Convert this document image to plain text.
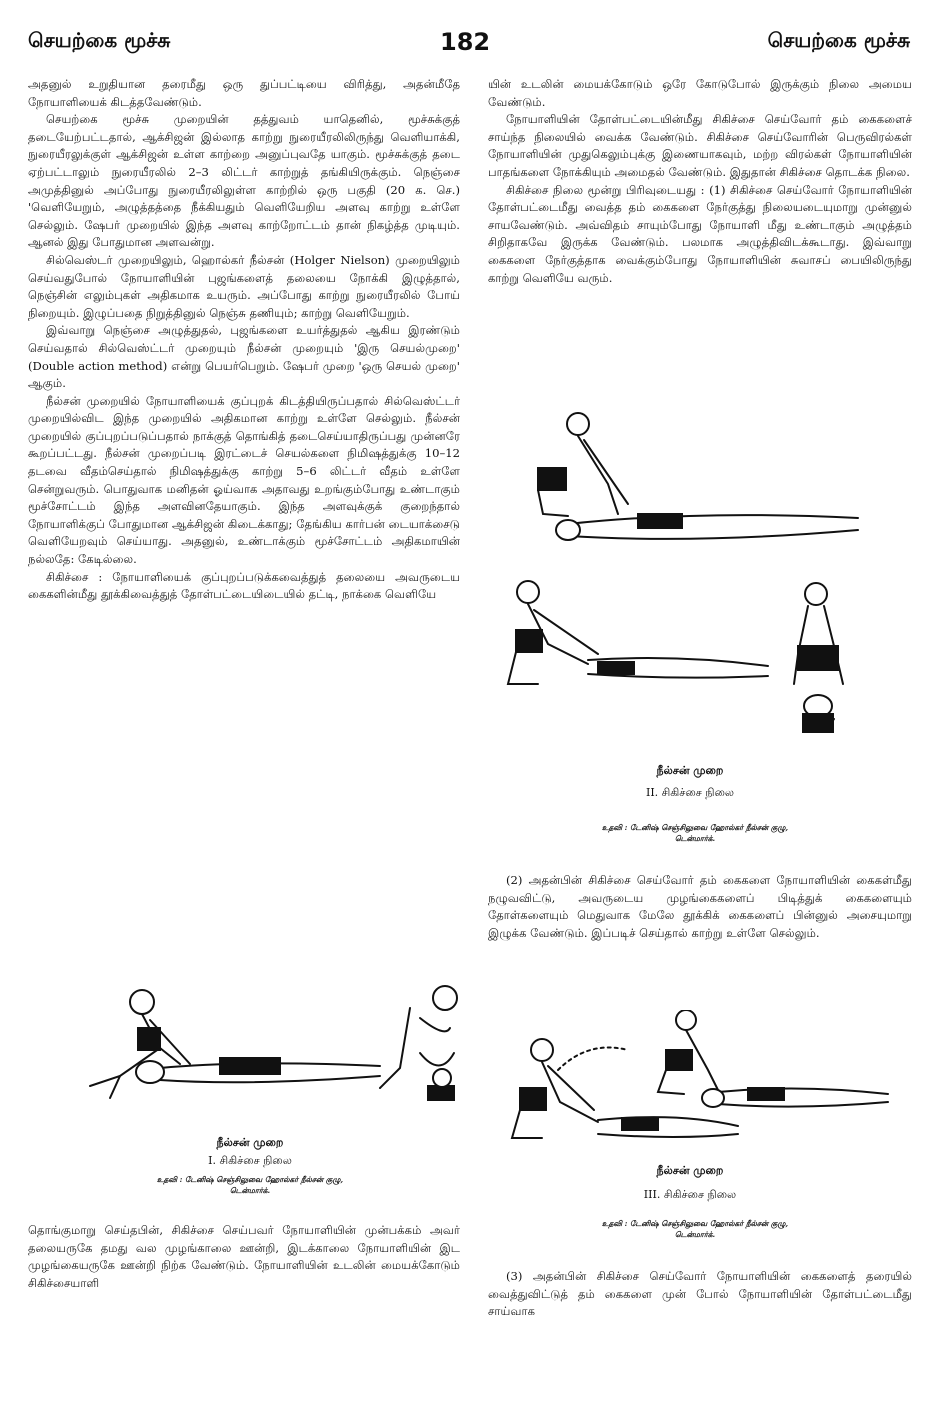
செயற்கை மூச்சு	182	செயற்கை மூச்சு

அதனுல் உறுதியான தரைமீது ஒரு துப்பட்டியை விரித்து, அதன்மீதே நோயாளியைக் கிடத்தவேண்டும்.

செயற்கை மூச்சு முறையின் தத்துவம் யாதெனில், மூச்சுக்குத் தடையேற்பட்டதால், ஆக்சிஜன் இல்லாத காற்று நுரையீரலிலிருந்து வெளியாக்கி, நுரையீரலுக்குள் ஆக்சிஜன் உள்ள காற்றை அனுப்புவதே யாகும். மூச்சுக்குத் தடை ஏற்பட்டாலும் நுரையீரலில் 2–3 லிட்டர் காற்றுத் தங்கியிருக்கும். நெஞ்சை அமுத்தினுல் அப்போது நுரையீரலிலுள்ள காற்றில் ஒரு பகுதி (20 க. செ.) 'வெளியேறும், அழுத்தத்தை நீக்கியதும் வெளியேறிய அளவு காற்று உள்ளே செல்லும். ஷேபர் முறையில் இந்த அளவு காற்றோட்டம் தான் நிகழ்த்த முடியும். ஆனல் இது போதுமான அளவன்று.

சில்வெஸ்டர் முறையிலும், ஹொல்கர் நீல்சன் (Holger Nielson) முறையிலும் செய்வதுபோல் நோயாளியின் புஜங்களைத் தலையை நோக்கி இழுத்தால், நெஞ்சின் எலும்புகள் அதிகமாக உயரும். அப்போது காற்று நுரையீரலில் போய் நிறையும். இழுப்பதை நிறுத்தினுல் நெஞ்சு தணியும்; காற்று வெளியேறும்.

இவ்வாறு நெஞ்சை அழுத்துதல், புஜங்களை உயர்த்துதல் ஆகிய இரண்டும் செய்வதால் சில்வெஸ்ட்டர் முறையும் நீல்சன் முறையும் 'இரு செயல்முறை' (Double action method) என்று பெயர்பெறும். ஷேபர் முறை 'ஒரு செயல் முறை' ஆகும்.

நீல்சன் முறையில் நோயாளியைக் குப்புறக் கிடத்தியிருப்பதால் சில்வெஸ்ட்டர் முறையில்விட இந்த முறையில் அதிகமான காற்று உள்ளே செல்லும். நீல்சன் முறையில் குப்புறப்படுப்பதால் நாக்குத் தொங்கித் தடைசெய்யாதிருப்பது முன்னரே கூறப்பட்டது. நீல்சன் முறைப்படி இரட்டைச் செயல்களை நிமிஷத்துக்கு 10–12 தடவை வீதம்செய்தால் நிமிஷத்துக்கு காற்று 5–6 லிட்டர் வீதம் உள்ளே சென்றுவரும். பொதுவாக மனிதன் ஓய்வாக அதாவது உறங்கும்போது உண்டாகும் மூச்சோட்டம் இந்த அளவினதேயாகும். இந்த அளவுக்குக் குறைந்தால் நோயாளிக்குப் போதுமான ஆக்சிஜன் கிடைக்காது; தேங்கிய கார்பன் டையாக்சைடு வெளியேறவும் செய்யாது. அதனுல், உண்டாக்கும் மூச்சோட்டம் அதிகமாயின் நல்லதே: கேடில்லை.

சிகிச்சை : நோயாளியைக் குப்புறப்படுக்கவைத்துத் தலையை அவருடைய கைகளின்மீது தூக்கிவைத்துத் தோள்பட்டையிடையில் தட்டி, நாக்கை வெளியே

நீல்சன் முறை
I. சிகிச்சை நிலை
உதவி : டேனிஷ் செஞ்சிலுவை ஹோல்கர் நீல்சன் குழு,
டென்மார்க்.

தொங்குமாறு செய்தபின், சிகிச்சை செய்பவர் நோயாளியின் முன்பக்கம் அவர் தலையருகே தமது வல முழங்காலை ஊன்றி, இடக்காலை நோயாளியின் இட முழங்கையருகே ஊன்றி நிற்க வேண்டும். நோயாளியின் உடலின் மையக்கோடும் சிகிச்சையாளி

யின் உடலின் மையக்கோடும் ஒரே கோடுபோல் இருக்கும் நிலை அமைய வேண்டும்.

நோயாளியின் தோள்பட்டையின்மீது சிகிச்சை செய்வோர் தம் கைகளைச் சாய்ந்த நிலையில் வைக்க வேண்டும். சிகிச்சை செய்வோரின் பெருவிரல்கள் நோயாளியின் முதுகெலும்புக்கு இணையாகவும், மற்ற விரல்கள் நோயாளியின் பாதங்களை நோக்கியும் அமைதல் வேண்டும். இதுதான் சிகிச்சை தொடக்க நிலை.

சிகிச்சை நிலை மூன்று பிரிவுடையது : (1) சிகிச்சை செய்வோர் நோயாளியின் தோள்பட்டைமீது வைத்த தம் கைகளை நேர்குத்து நிலையடையுமாறு முன்னுல் சாயவேண்டும். அவ்விதம் சாயும்போது நோயாளி மீது உண்டாகும் அழுத்தம் சிறிதாகவே இருக்க வேண்டும். பலமாக அழுத்திவிடக்கூடாது. இவ்வாறு கைகளை நேர்குத்தாக வைக்கும்போது நோயாளியின் சுவாசப் பையிலிருந்து காற்று வெளியே வரும்.

நீல்சன் முறை
II. சிகிச்சை நிலை
உதவி : டேனிஷ் செஞ்சிலுவை ஹோல்கர் நீல்சன் குழு,
டென்மார்க்.

(2) அதன்பின் சிகிச்சை செய்வோர் தம் கைகளை நோயாளியின் கைகள்மீது நழுவவிட்டு, அவருடைய முழங்கைகளைப் பிடித்துக் கைகளையும் தோள்களையும் மெதுவாக மேலே தூக்கிக் கைகளைப் பின்னுல் அசையுமாறு இழுக்க வேண்டும். இப்படிச் செய்தால் காற்று உள்ளே செல்லும்.

நீல்சன் முறை
III. சிகிச்சை நிலை
உதவி : டேனிஷ் செஞ்சிலுவை ஹோல்கர் நீல்சன் குழு,
டென்மார்க்.

(3) அதன்பின் சிகிச்சை செய்வோர் நோயாளியின் கைகளைத் தரையில் வைத்துவிட்டுத் தம் கைகளை முன் போல் நோயாளியின் தோள்பட்டைமீது சாய்வாக
